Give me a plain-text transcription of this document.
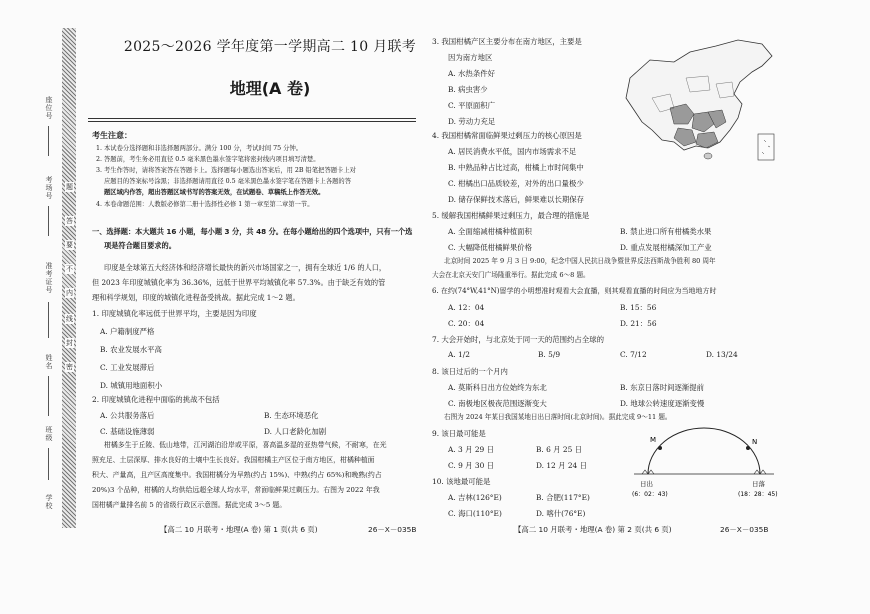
题
答
要
不
内
线
封
密
座位号
考场号
准考证号
姓名
班级
学校
2025～2026 学年度第一学期高二 10 月联考
地理(A 卷)
考生注意：
1. 本试卷分选择题和非选择题两部分。满分 100 分，考试时间 75 分钟。
2. 答题前，考生务必用直径 0.5 毫米黑色墨水签字笔将密封线内项目填写清楚。
3. 考生作答时，请将答案答在答题卡上。选择题每小题选出答案后，用 2B 铅笔把答题卡上对
应题目的答案标号涂黑；非选择题请用直径 0.5 毫米黑色墨水签字笔在答题卡上各题的答
题区域内作答，超出答题区域书写的答案无效，在试题卷、草稿纸上作答无效。
4. 本卷命题范围：人教版必修第二册十选择性必修 1 第一章至第二章第一节。
一、选择题：本大题共 16 小题，每小题 3 分，共 48 分。在每小题给出的四个选项中，只有一个选
项是符合题目要求的。
印度是全球第五大经济体和经济增长最快的新兴市场国家之一，拥有全球近 1/6 的人口，
但 2023 年印度城镇化率为 36.36%，远低于世界平均城镇化率 57.3%。由于缺乏有效的管
理和科学规划，印度的城镇化进程备受挑战。据此完成 1～2 题。
1. 印度城镇化率远低于世界平均，主要是因为印度
A. 户籍制度严格
B. 农业发展水平高
C. 工业发展滞后
D. 城镇用地面积小
2. 印度城镇化进程中面临的挑战不包括
A. 公共服务落后	B. 生态环境恶化
C. 基础设施薄弱	D. 人口老龄化加剧
柑橘多生于丘陵、低山地带，江河湖泊沿岸或平原，喜高温多湿的亚热带气候，不耐寒，在光
照充足、土层深厚、排水良好的土壤中生长良好。我国柑橘主产区位于南方地区，柑橘种植面
积大、产量高，且产区高度集中。我国柑橘分为早熟(约占 15%)、中熟(约占 65%)和晚熟(约占
20%)3 个品种，柑橘的人均供给远超全球人均水平，常面临鲜果过剩压力。右图为 2022 年我
国柑橘产量排名前 5 的省级行政区示意图。据此完成 3～5 题。
【高二 10 月联考・地理(A 卷) 第 1 页(共 6 页)	26－X－035B
3. 我国柑橘产区主要分布在南方地区，主要是
因为南方地区
A. 水热条件好
B. 病虫害少
C. 平原面积广
D. 劳动力充足
4. 我国柑橘常面临鲜果过剩压力的核心原因是
A. 居民消费水平低，国内市场需求不足
B. 中熟品种占比过高，柑橘上市时间集中
C. 柑橘出口品质较差，对外的出口量极少
D. 储存保鲜技术落后，鲜果难以长期保存
5. 缓解我国柑橘鲜果过剩压力，最合理的措施是
A. 全面缩减柑橘种植面积	B. 禁止进口所有柑橘类水果
C. 大幅降低柑橘鲜果价格	D. 重点发展柑橘深加工产业
北京时间 2025 年 9 月 3 日 9:00，纪念中国人民抗日战争暨世界反法西斯战争胜利 80 周年
大会在北京天安门广场隆重举行。据此完成 6～8 题。
6. 在约(74°W,41°N)留学的小明想准时观看大会直播，则其观看直播的时间应为当地地方时
A. 12：04	B. 15：56
C. 20：04	D. 21：56
7. 大会开始时，与北京处于同一天的范围约占全球的
A. 1/2	B. 5/9	C. 7/12	D. 13/24
8. 该日过后的一个月内
A. 莫斯科日出方位始终为东北	B. 东京日落时间逐渐提前
C. 南极地区极夜范围逐渐变大	D. 地球公转速度逐渐变慢
右图为 2024 年某日我国某地日出日落时间(北京时间)。据此完成 9～11 题。
9. 该日最可能是
A. 3 月 29 日	B. 6 月 25 日
C. 9 月 30 日	D. 12 月 24 日
10. 该地最可能是
A. 吉林(126°E)	B. 合肥(117°E)
C. 海口(110°E)	D. 喀什(76°E)
M	N
日出
(6：02：43)
日落
(18：28：45)
【高二 10 月联考・地理(A 卷) 第 2 页(共 6 页)	26－X－035B
